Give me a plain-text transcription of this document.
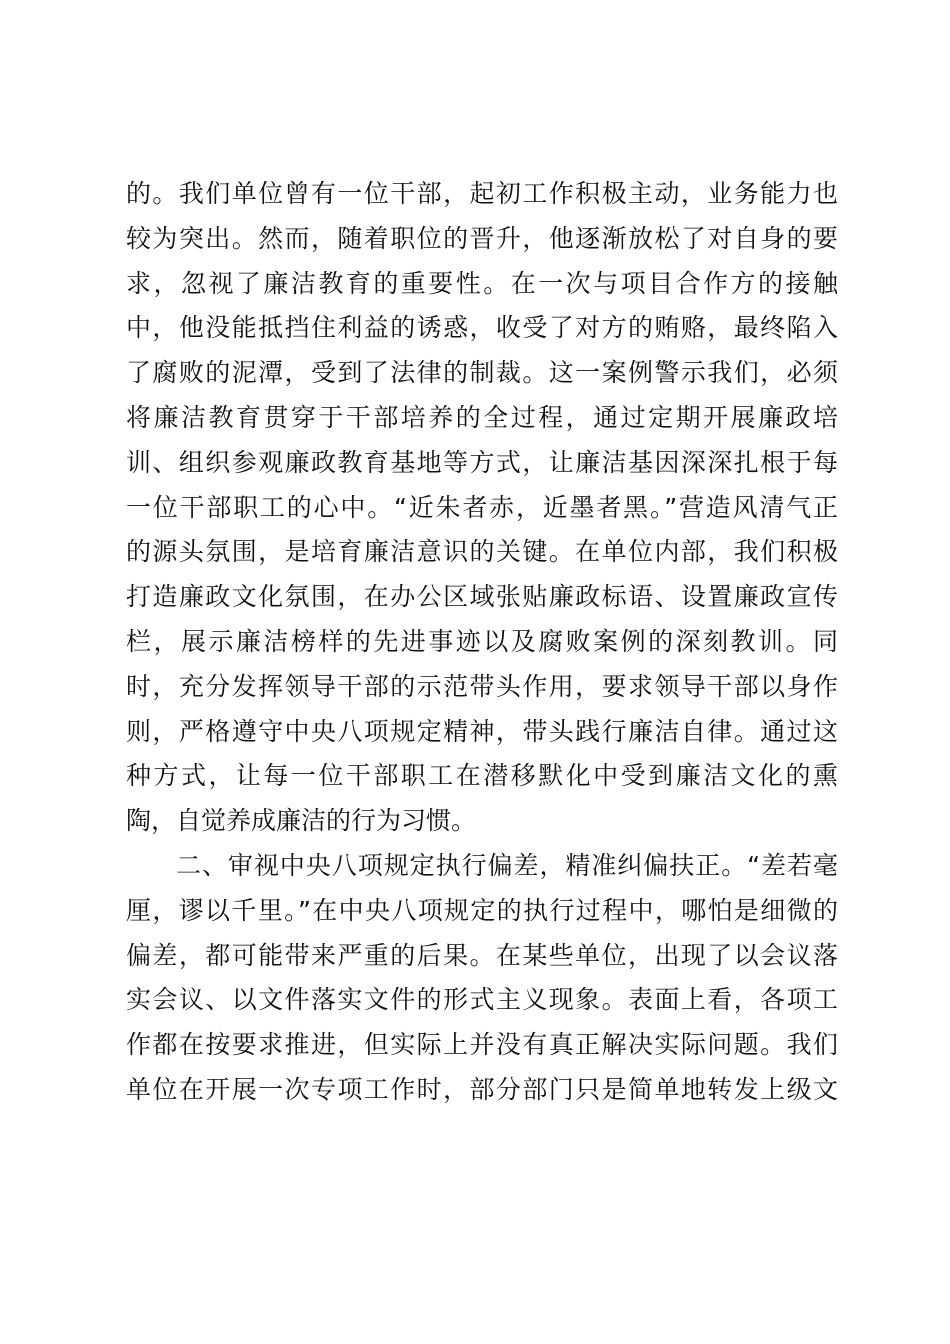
的。我们单位曾有一位干部，起初工作积极主动，业务能力也
较为突出。然而，随着职位的晋升，他逐渐放松了对自身的要
求，忽视了廉洁教育的重要性。在一次与项目合作方的接触
中，他没能抵挡住利益的诱惑，收受了对方的贿赂，最终陷入
了腐败的泥潭，受到了法律的制裁。这一案例警示我们，必须
将廉洁教育贯穿于干部培养的全过程，通过定期开展廉政培
训、组织参观廉政教育基地等方式，让廉洁基因深深扎根于每
一位干部职工的心中。“近朱者赤，近墨者黑。”营造风清气正
的源头氛围，是培育廉洁意识的关键。在单位内部，我们积极
打造廉政文化氛围，在办公区域张贴廉政标语、设置廉政宣传
栏，展示廉洁榜样的先进事迹以及腐败案例的深刻教训。同
时，充分发挥领导干部的示范带头作用，要求领导干部以身作
则，严格遵守中央八项规定精神，带头践行廉洁自律。通过这
种方式，让每一位干部职工在潜移默化中受到廉洁文化的熏
陶，自觉养成廉洁的行为习惯。
二、审视中央八项规定执行偏差，精准纠偏扶正。“差若毫
厘，谬以千里。”在中央八项规定的执行过程中，哪怕是细微的
偏差，都可能带来严重的后果。在某些单位，出现了以会议落
实会议、以文件落实文件的形式主义现象。表面上看，各项工
作都在按要求推进，但实际上并没有真正解决实际问题。我们
单位在开展一次专项工作时，部分部门只是简单地转发上级文
